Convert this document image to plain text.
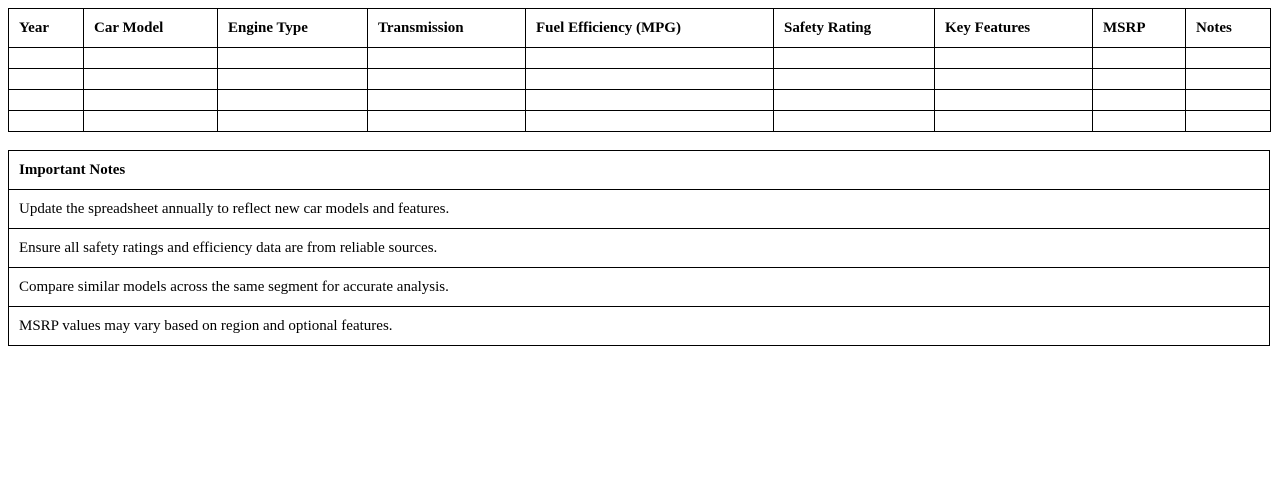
Year	Car Model	Engine Type	Transmission	Fuel Efficiency (MPG)	Safety Rating	Key Features	MSRP	Notes

Important Notes
Update the spreadsheet annually to reflect new car models and features.
Ensure all safety ratings and efficiency data are from reliable sources.
Compare similar models across the same segment for accurate analysis.
MSRP values may vary based on region and optional features.
